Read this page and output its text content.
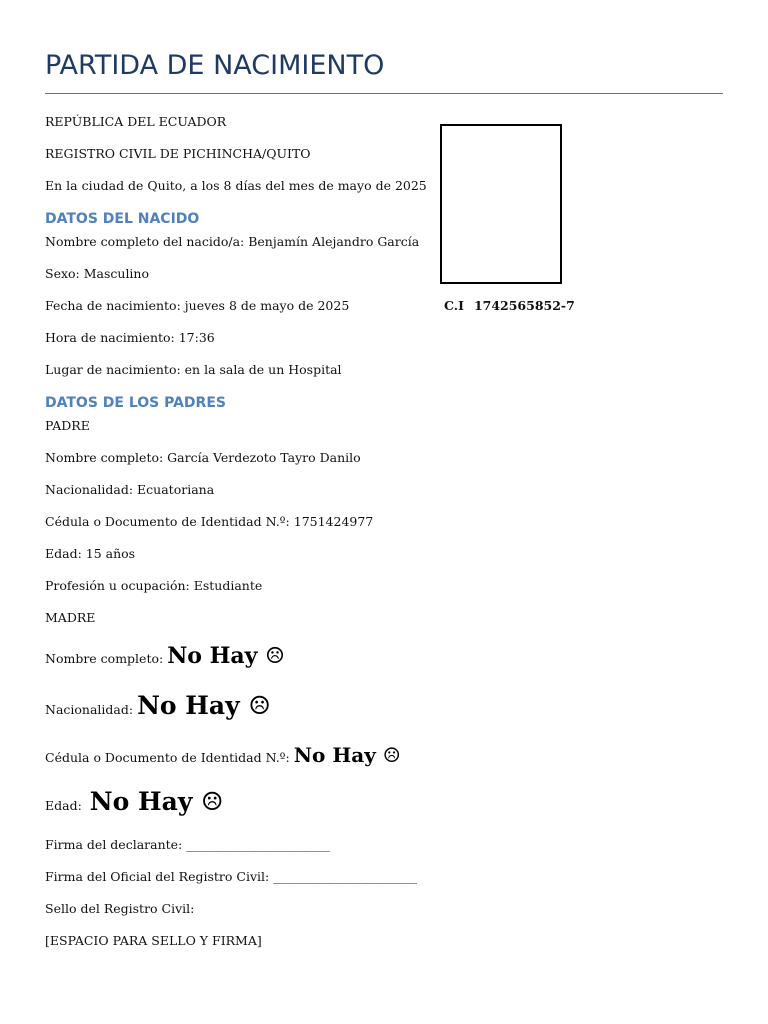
PARTIDA DE NACIMIENTO
REPÚBLICA DEL ECUADOR
REGISTRO CIVIL DE PICHINCHA/QUITO
En la ciudad de Quito, a los 8 días del mes de mayo de 2025
DATOS DEL NACIDO
Nombre completo del nacido/a: Benjamín Alejandro García
Sexo: Masculino
Fecha de nacimiento: jueves 8 de mayo de 2025
Hora de nacimiento: 17:36
Lugar de nacimiento: en la sala de un Hospital
C.I 1742565852-7
DATOS DE LOS PADRES
PADRE
Nombre completo: García Verdezoto Tayro Danilo
Nacionalidad: Ecuatoriana
Cédula o Documento de Identidad N.º: 1751424977
Edad: 15 años
Profesión u ocupación: Estudiante
MADRE
Nombre completo: No Hay ☹
Nacionalidad: No Hay ☹
Cédula o Documento de Identidad N.º: No Hay ☹
Edad: No Hay ☹
Firma del declarante: _______________________
Firma del Oficial del Registro Civil: _______________________
Sello del Registro Civil:
[ESPACIO PARA SELLO Y FIRMA]
